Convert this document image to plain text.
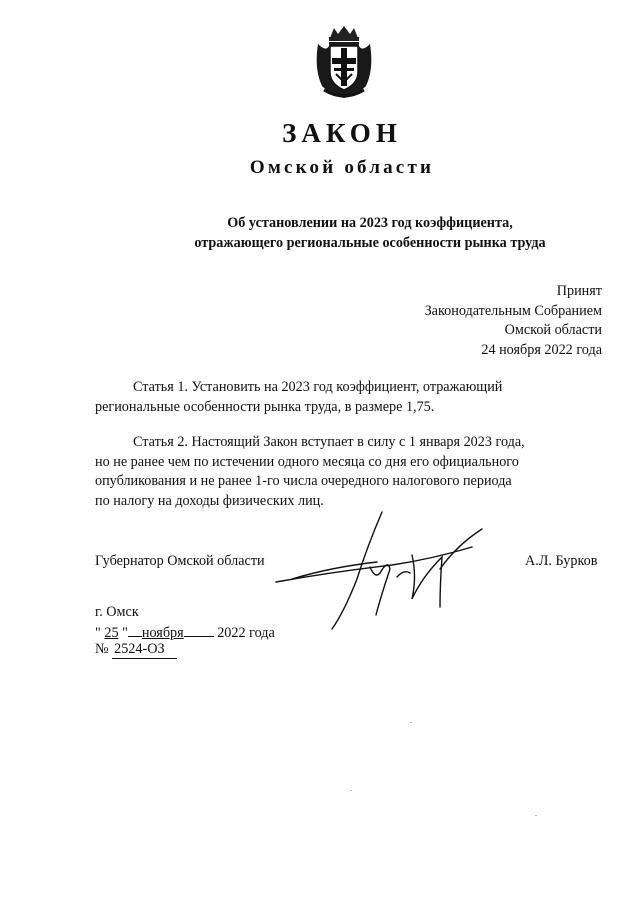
ЗАКОН
Омской области
Об установлении на 2023 год коэффициента,
отражающего региональные особенности рынка труда
Принят
Законодательным Собранием
Омской области
24 ноября 2022 года
Статья 1. Установить на 2023 год коэффициент, отражающий
региональные особенности рынка труда, в размере 1,75.
Статья 2. Настоящий Закон вступает в силу с 1 января 2023 года,
но не ранее чем по истечении одного месяца со дня его официального
опубликования и не ранее 1-го числа очередного налогового периода
по налогу на доходы физических лиц.
Губернатор Омской области	А.Л. Бурков
г. Омск
" 25 " ноября 2022 года
№ 2524-ОЗ
